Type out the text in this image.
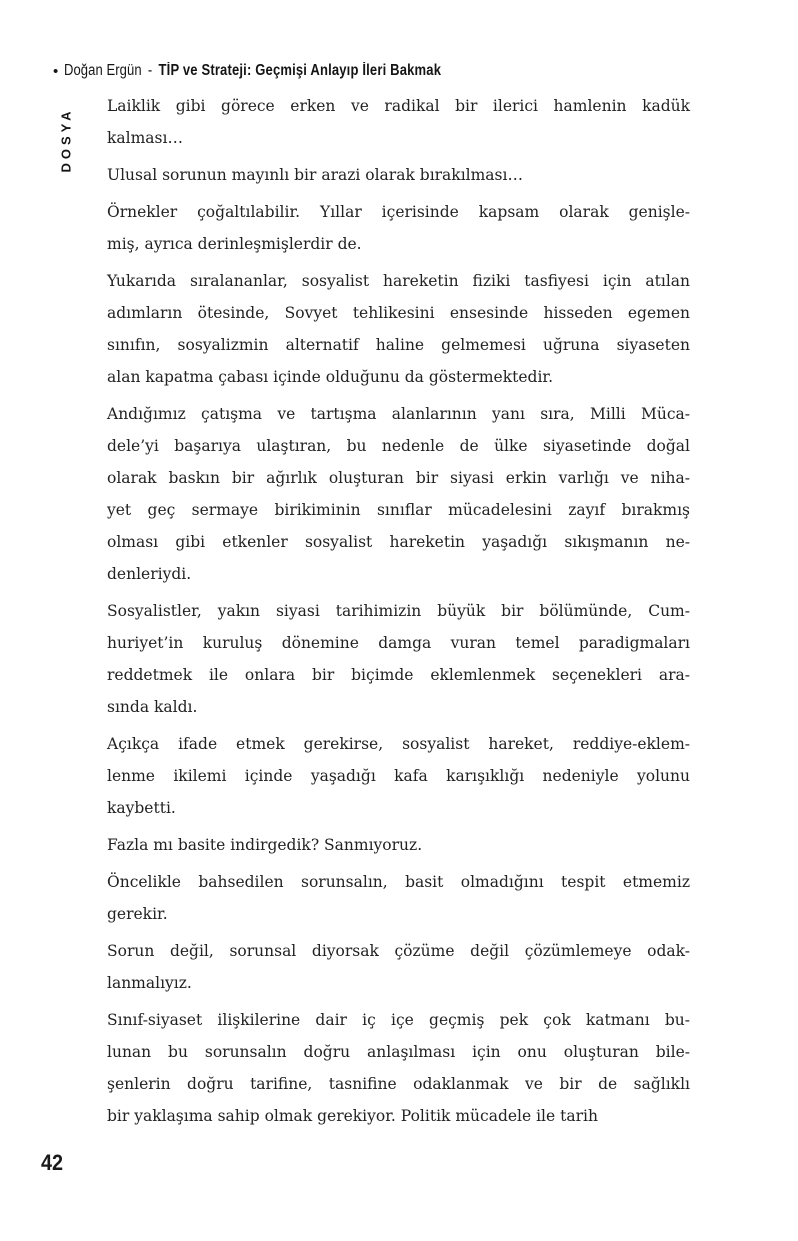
• Doğan Ergün - TİP ve Strateji: Geçmişi Anlayıp İleri Bakmak
DOSYA
Laiklik gibi görece erken ve radikal bir ilerici hamlenin kadük
kalması…
Ulusal sorunun mayınlı bir arazi olarak bırakılması…
Örnekler çoğaltılabilir. Yıllar içerisinde kapsam olarak genişle-
miş, ayrıca derinleşmişlerdir de.
Yukarıda sıralananlar, sosyalist hareketin fiziki tasfiyesi için atılan
adımların ötesinde, Sovyet tehlikesini ensesinde hisseden egemen
sınıfın, sosyalizmin alternatif haline gelmemesi uğruna siyaseten
alan kapatma çabası içinde olduğunu da göstermektedir.
Andığımız çatışma ve tartışma alanlarının yanı sıra, Milli Müca-
dele’yi başarıya ulaştıran, bu nedenle de ülke siyasetinde doğal
olarak baskın bir ağırlık oluşturan bir siyasi erkin varlığı ve niha-
yet geç sermaye birikiminin sınıflar mücadelesini zayıf bırakmış
olması gibi etkenler sosyalist hareketin yaşadığı sıkışmanın ne-
denleriydi.
Sosyalistler, yakın siyasi tarihimizin büyük bir bölümünde, Cum-
huriyet’in kuruluş dönemine damga vuran temel paradigmaları
reddetmek ile onlara bir biçimde eklemlenmek seçenekleri ara-
sında kaldı.
Açıkça ifade etmek gerekirse, sosyalist hareket, reddiye-eklem-
lenme ikilemi içinde yaşadığı kafa karışıklığı nedeniyle yolunu
kaybetti.
Fazla mı basite indirgedik? Sanmıyoruz.
Öncelikle bahsedilen sorunsalın, basit olmadığını tespit etmemiz
gerekir.
Sorun değil, sorunsal diyorsak çözüme değil çözümlemeye odak-
lanmalıyız.
Sınıf-siyaset ilişkilerine dair iç içe geçmiş pek çok katmanı bu-
lunan bu sorunsalın doğru anlaşılması için onu oluşturan bile-
şenlerin doğru tarifine, tasnifine odaklanmak ve bir de sağlıklı
bir yaklaşıma sahip olmak gerekiyor. Politik mücadele ile tarih
42
